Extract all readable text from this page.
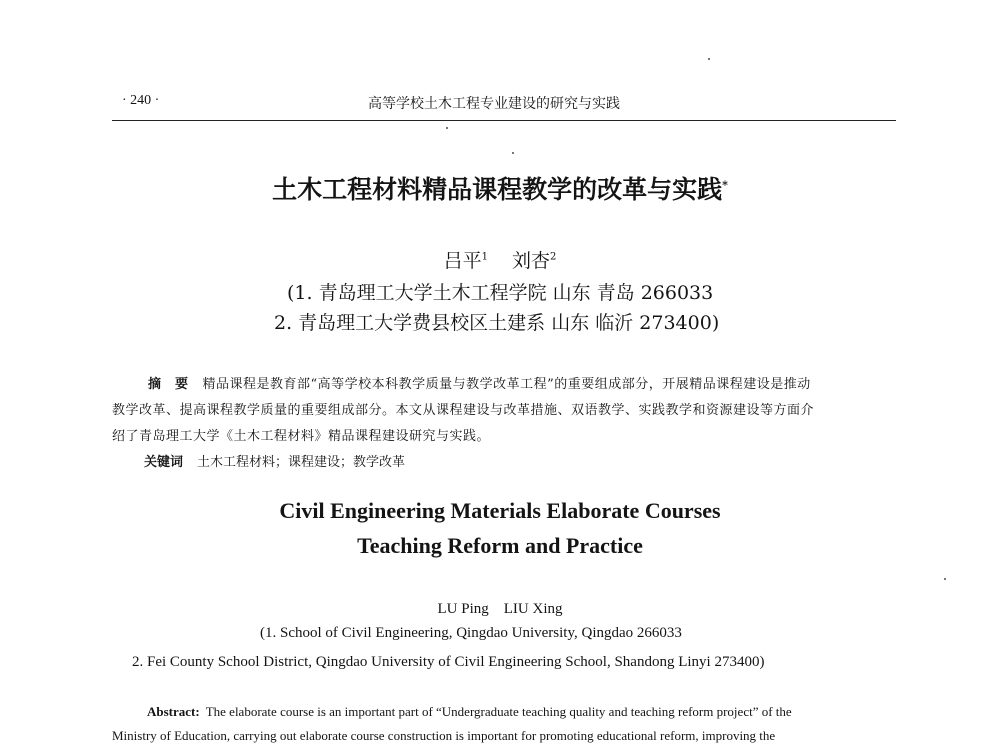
· 240 ·	高等学校土木工程专业建设的研究与实践
土木工程材料精品课程教学的改革与实践*
吕平$^1$ 刘杏$^2$
(1. 青岛理工大学土木工程学院 山东 青岛 266033
2. 青岛理工大学费县校区土建系 山东 临沂 273400)
摘　要 精品课程是教育部“高等学校本科教学质量与教学改革工程”的重要组成部分，开展精品课程建设是推动
教学改革、提高课程教学质量的重要组成部分。本文从课程建设与改革措施、双语教学、实践教学和资源建设等方面介
绍了青岛理工大学《土木工程材料》精品课程建设研究与实践。
关键词 土木工程材料；课程建设；教学改革
Civil Engineering Materials Elaborate Courses
Teaching Reform and Practice
LU Ping　LIU Xing
(1. School of Civil Engineering, Qingdao University, Qingdao 266033
2. Fei County School District, Qingdao University of Civil Engineering School, Shandong Linyi 273400)
Abstract: The elaborate course is an important part of “Undergraduate teaching quality and teaching reform project” of the
Ministry of Education, carrying out elaborate course construction is important for promoting educational reform, improving the
